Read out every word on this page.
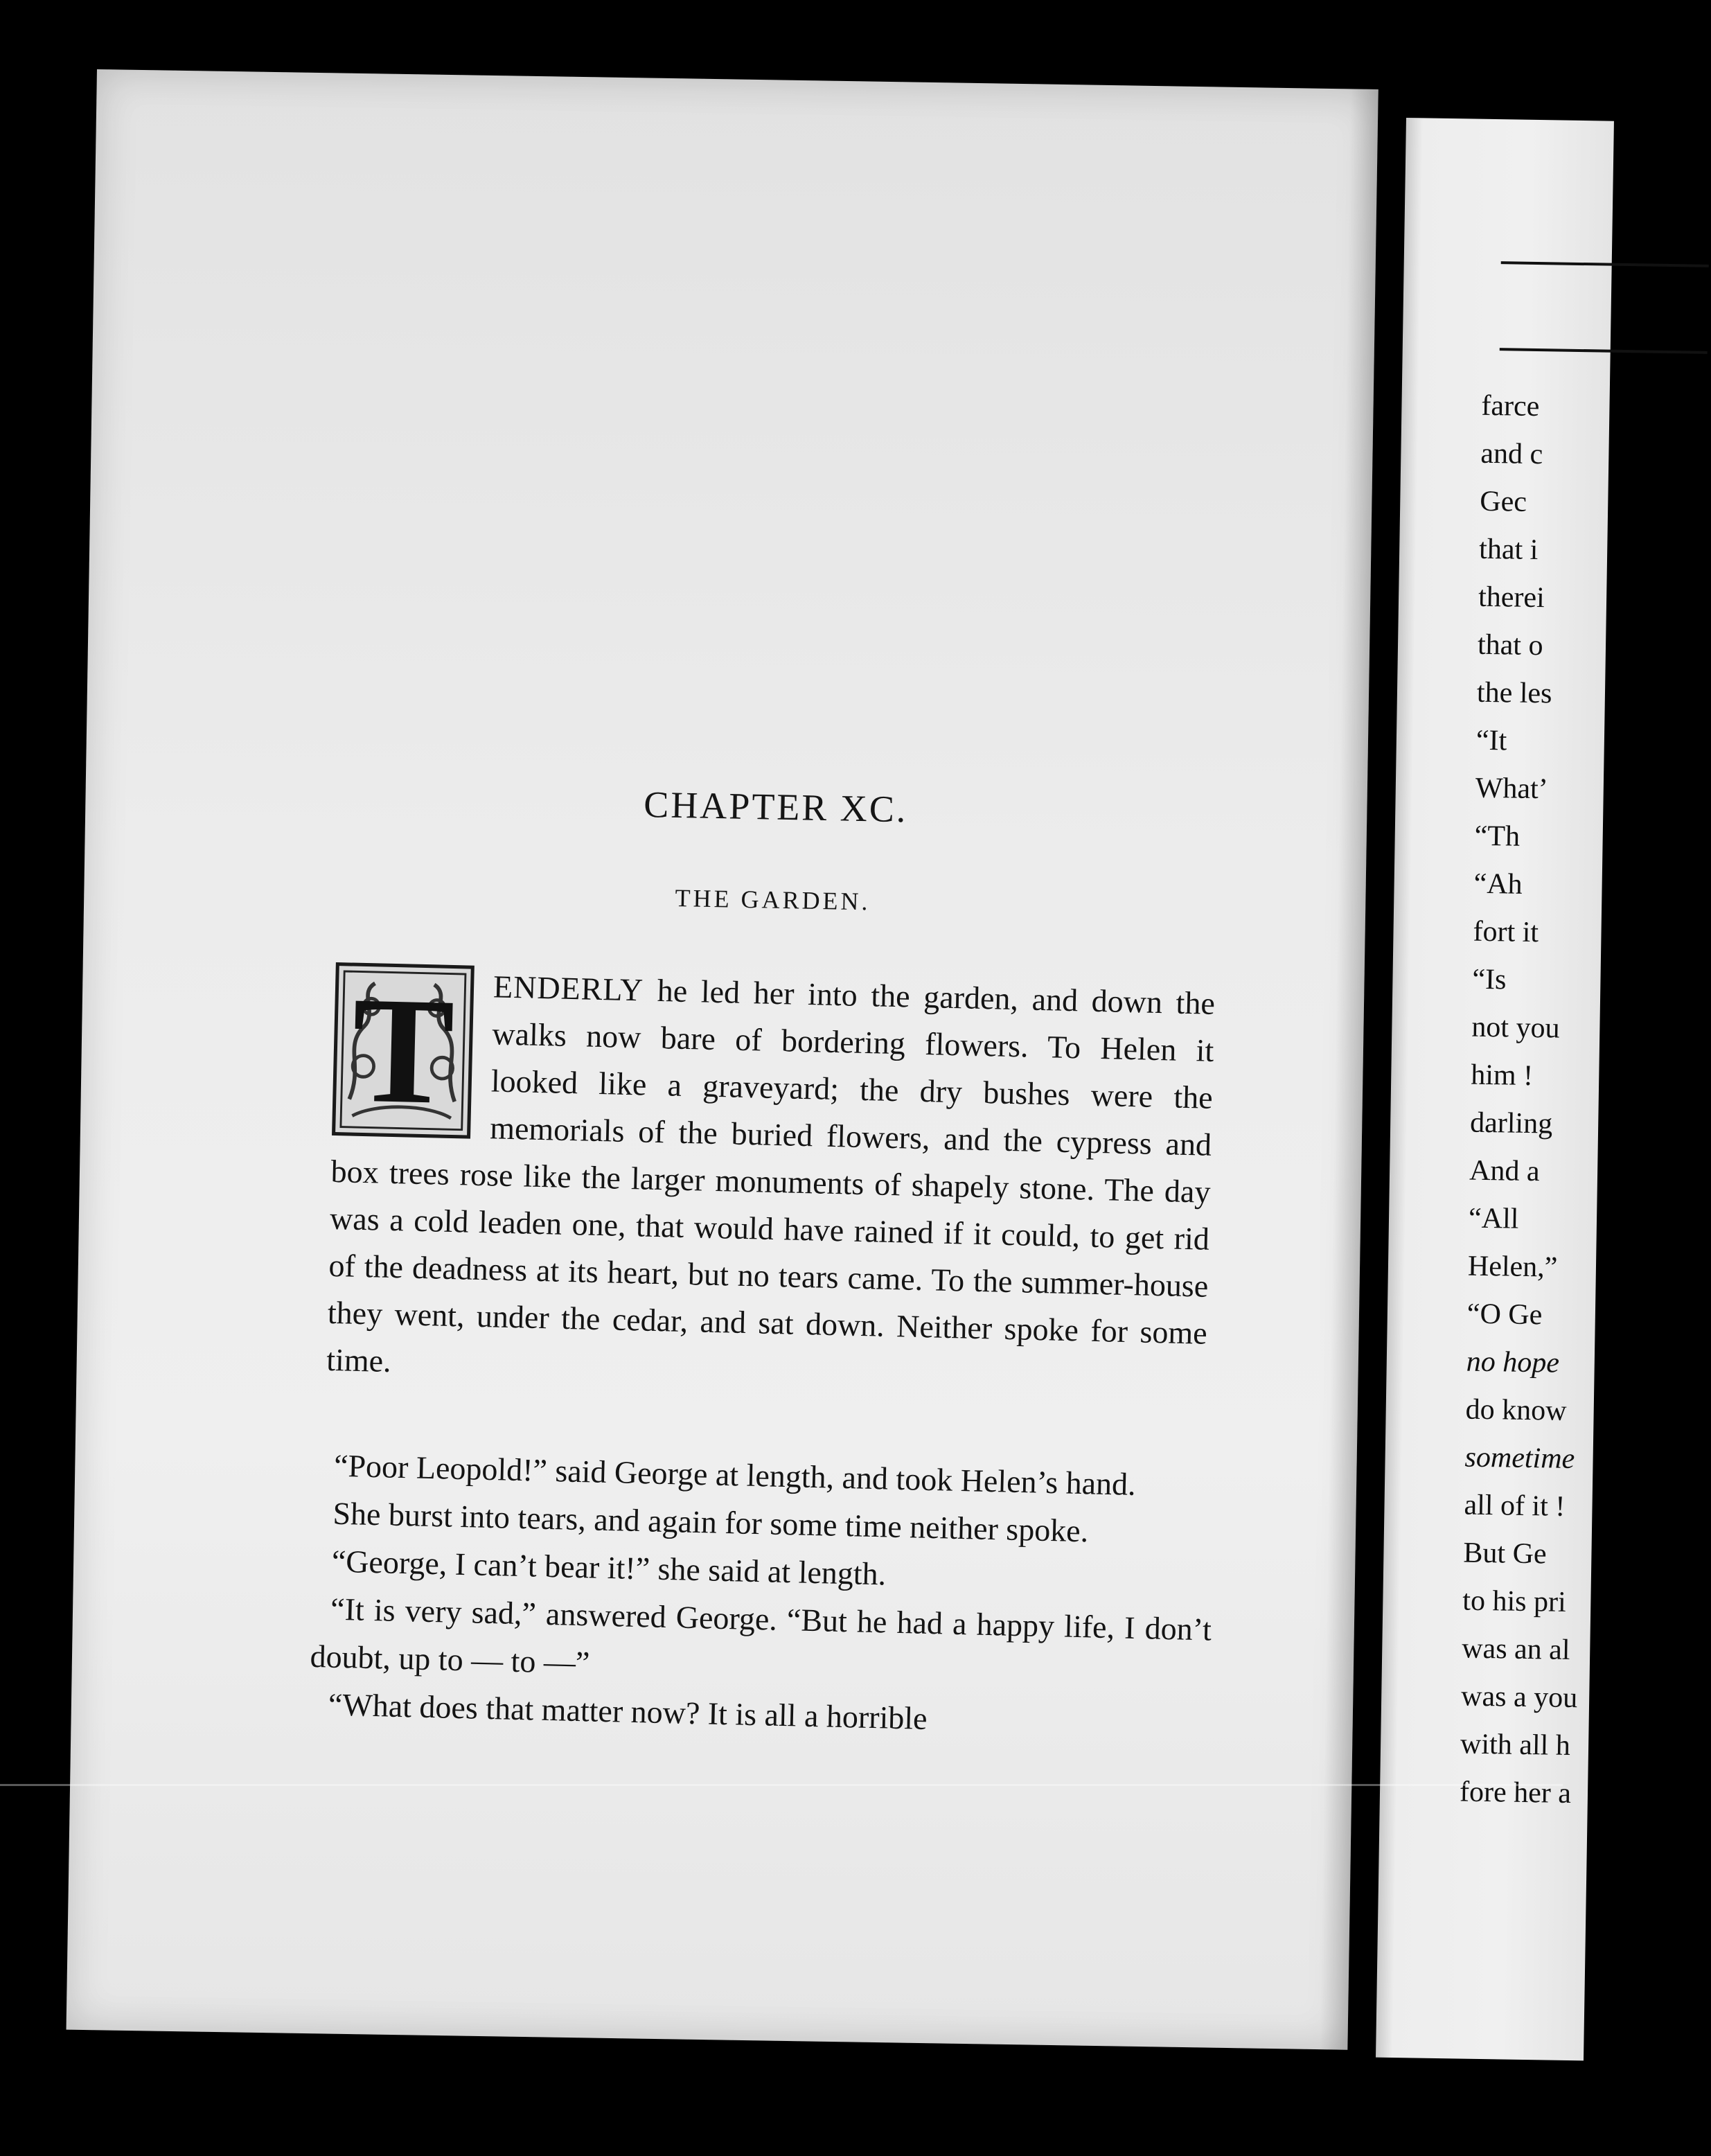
farce
and c
Gec
that i
therei
that o
the les
“It
What’
“Th
“Ah
fort it
“Is
not you
him !
darling
And a
“All
Helen,”
“O Ge
no hope
do know
sometime
all of it !
But Ge
to his pri
was an al
was a you
with all h
fore her a
CHAPTER XC.
THE GARDEN.
T	ENDERLY he led her into the garden, and down the walks now bare of bordering flowers. To Helen it looked like a graveyard; the dry bushes were the memorials of the buried flowers, and the cypress and box trees rose like the larger monuments of shapely stone. The day was a cold leaden one, that would have rained if it could, to get rid of the deadness at its heart, but no tears came. To the summer-house they went, under the cedar, and sat down. Neither spoke for some time.

“Poor Leopold!” said George at length, and took Helen’s hand.

She burst into tears, and again for some time neither spoke.

“George, I can’t bear it!” she said at length.

“It is very sad,” answered George. “But he had a happy life, I don’t doubt, up to — to —”

“What does that matter now? It is all a horrible
